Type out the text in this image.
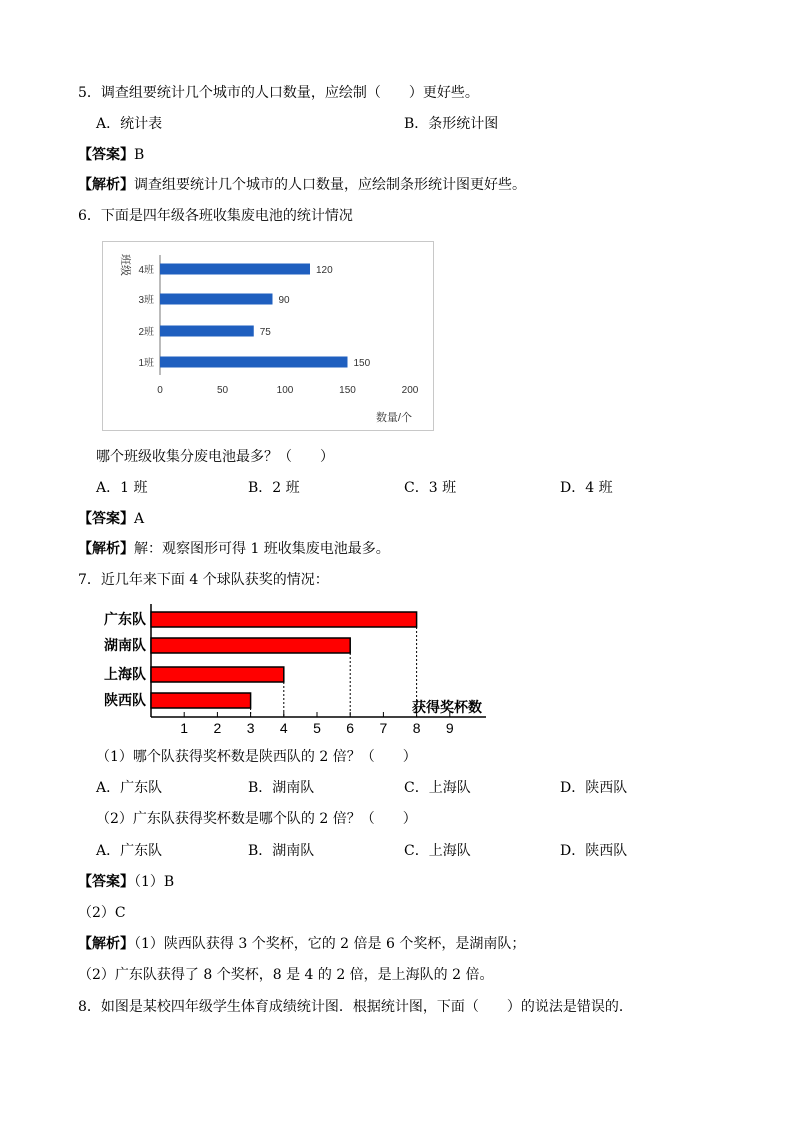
5．调查组要统计几个城市的人口数量，应绘制（　　）更好些。
A．统计表	B．条形统计图
【答案】B
【解析】调查组要统计几个城市的人口数量，应绘制条形统计图更好些。
6．下面是四年级各班收集废电池的统计情况
班级
1班	150
2班	75
3班	90
4班	120
0	50	100	150	200
数量/个
哪个班级收集分废电池最多？（　　）
A．1 班	B．2 班	C．3 班	D．4 班
【答案】A
【解析】解：观察图形可得 1 班收集废电池最多。
7．近几年来下面 4 个球队获奖的情况：
广东队
湖南队
上海队
陕西队
1 2 3 4 5 6 7 8 9
获得奖杯数
（1）哪个队获得奖杯数是陕西队的 2 倍？（　　）
A．广东队	B．湖南队	C．上海队	D．陕西队
（2）广东队获得奖杯数是哪个队的 2 倍？（　　）
A．广东队	B．湖南队	C．上海队	D．陕西队
【答案】（1）B
（2）C
【解析】（1）陕西队获得 3 个奖杯，它的 2 倍是 6 个奖杯，是湖南队；
（2）广东队获得了 8 个奖杯，8 是 4 的 2 倍，是上海队的 2 倍。
8．如图是某校四年级学生体育成绩统计图．根据统计图，下面（　　）的说法是错误的．
